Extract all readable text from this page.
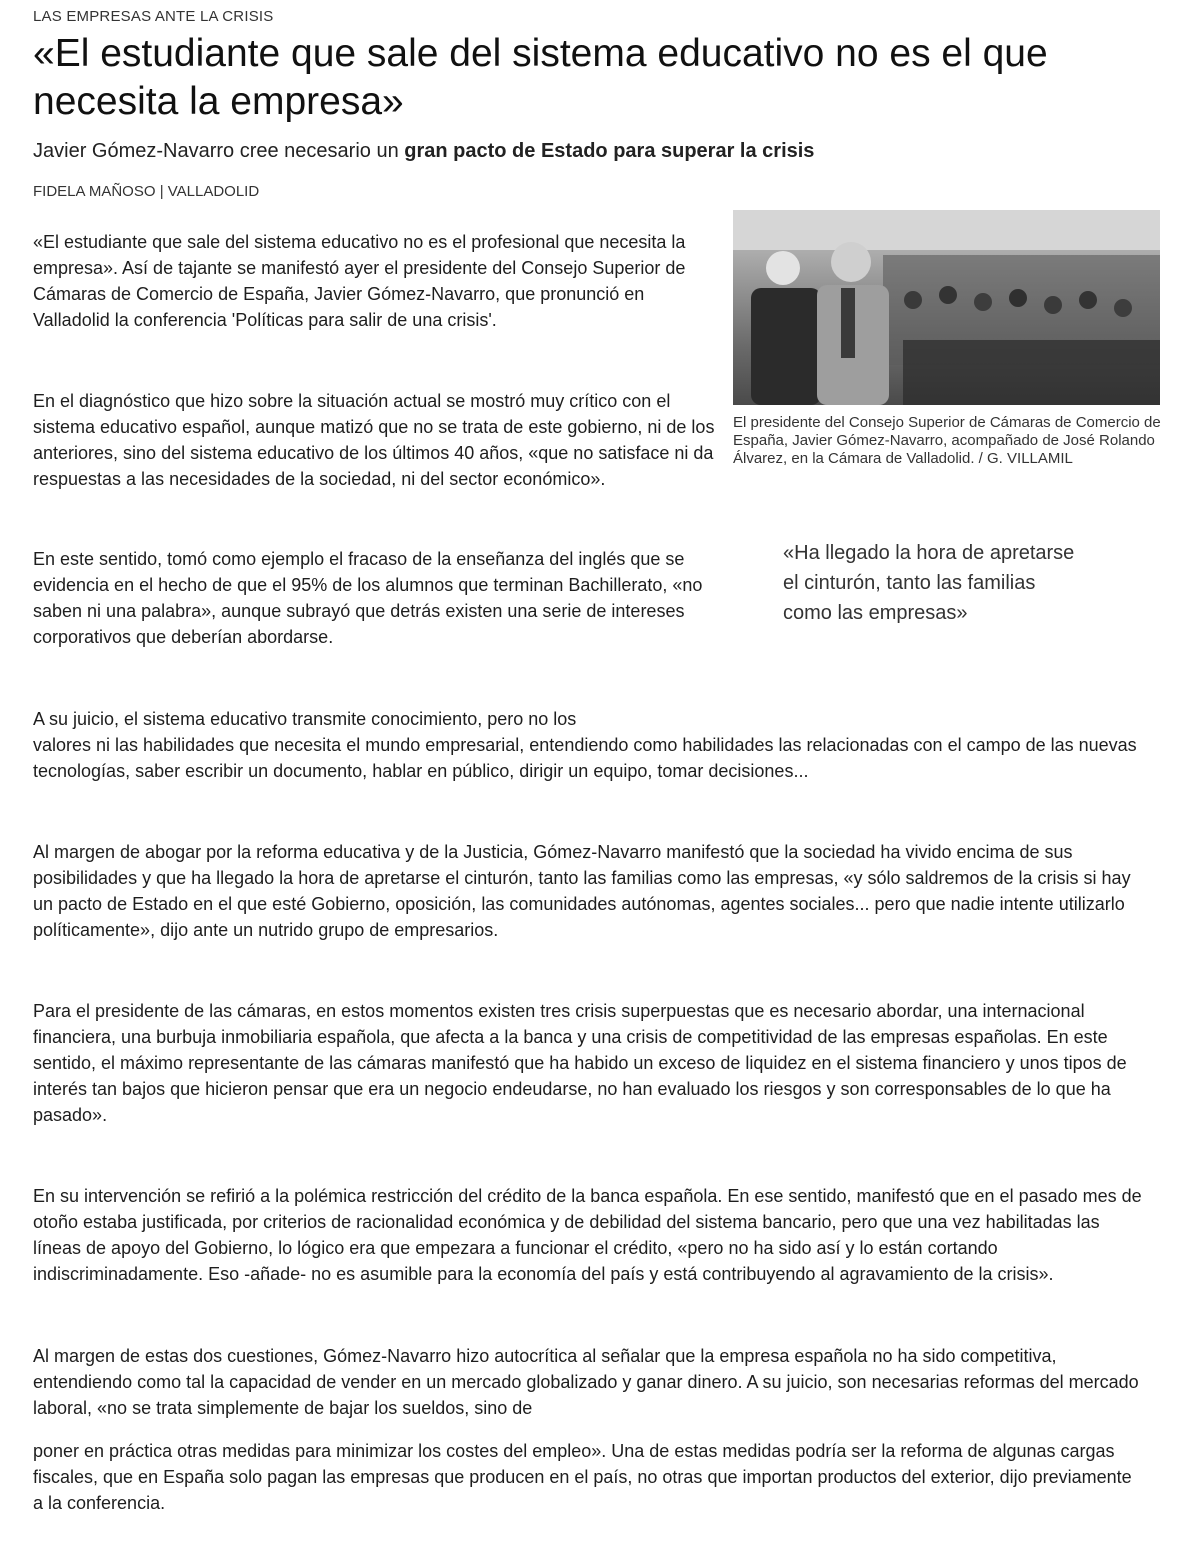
LAS EMPRESAS ANTE LA CRISIS
«El estudiante que sale del sistema educativo no es el que necesita la empresa»
Javier Gómez-Navarro cree necesario un gran pacto de Estado para superar la crisis
FIDELA MAÑOSO | VALLADOLID
El presidente del Consejo Superior de Cámaras de Comercio de España, Javier Gómez-Navarro, acompañado de José Rolando Álvarez, en la Cámara de Valladolid. / G. VILLAMIL
«Ha llegado la hora de apretarse el cinturón, tanto las familias como las empresas»

«El estudiante que sale del sistema educativo no es el profesional que necesita la empresa». Así de tajante se manifestó ayer el presidente del Consejo Superior de Cámaras de Comercio de España, Javier Gómez-Navarro, que pronunció en Valladolid la conferencia 'Políticas para salir de una crisis'.

En el diagnóstico que hizo sobre la situación actual se mostró muy crítico con el sistema educativo español, aunque matizó que no se trata de este gobierno, ni de los anteriores, sino del sistema educativo de los últimos 40 años, «que no satisface ni da respuestas a las necesidades de la sociedad, ni del sector económico».

En este sentido, tomó como ejemplo el fracaso de la enseñanza del inglés que se evidencia en el hecho de que el 95% de los alumnos que terminan Bachillerato, «no saben ni una palabra», aunque subrayó que detrás existen una serie de intereses corporativos que deberían abordarse.

A su juicio, el sistema educativo transmite conocimiento, pero no los

valores ni las habilidades que necesita el mundo empresarial, entendiendo como habilidades las relacionadas con el campo de las nuevas tecnologías, saber escribir un documento, hablar en público, dirigir un equipo, tomar decisiones...

Al margen de abogar por la reforma educativa y de la Justicia, Gómez-Navarro manifestó que la sociedad ha vivido encima de sus posibilidades y que ha llegado la hora de apretarse el cinturón, tanto las familias como las empresas, «y sólo saldremos de la crisis si hay un pacto de Estado en el que esté Gobierno, oposición, las comunidades autónomas, agentes sociales... pero que nadie intente utilizarlo políticamente», dijo ante un nutrido grupo de empresarios.

Para el presidente de las cámaras, en estos momentos existen tres crisis superpuestas que es necesario abordar, una internacional financiera, una burbuja inmobiliaria española, que afecta a la banca y una crisis de competitividad de las empresas españolas. En este sentido, el máximo representante de las cámaras manifestó que ha habido un exceso de liquidez en el sistema financiero y unos tipos de interés tan bajos que hicieron pensar que era un negocio endeudarse, no han evaluado los riesgos y son corresponsables de lo que ha pasado».

En su intervención se refirió a la polémica restricción del crédito de la banca española. En ese sentido, manifestó que en el pasado mes de otoño estaba justificada, por criterios de racionalidad económica y de debilidad del sistema bancario, pero que una vez habilitadas las líneas de apoyo del Gobierno, lo lógico era que empezara a funcionar el crédito, «pero no ha sido así y lo están cortando indiscriminadamente. Eso -añade- no es asumible para la economía del país y está contribuyendo al agravamiento de la crisis».

Al margen de estas dos cuestiones, Gómez-Navarro hizo autocrítica al señalar que la empresa española no ha sido competitiva, entendiendo como tal la capacidad de vender en un mercado globalizado y ganar dinero. A su juicio, son necesarias reformas del mercado laboral, «no se trata simplemente de bajar los sueldos, sino de

poner en práctica otras medidas para minimizar los costes del empleo». Una de estas medidas podría ser la reforma de algunas cargas fiscales, que en España solo pagan las empresas que producen en el país, no otras que importan productos del exterior, dijo previamente a la conferencia.
